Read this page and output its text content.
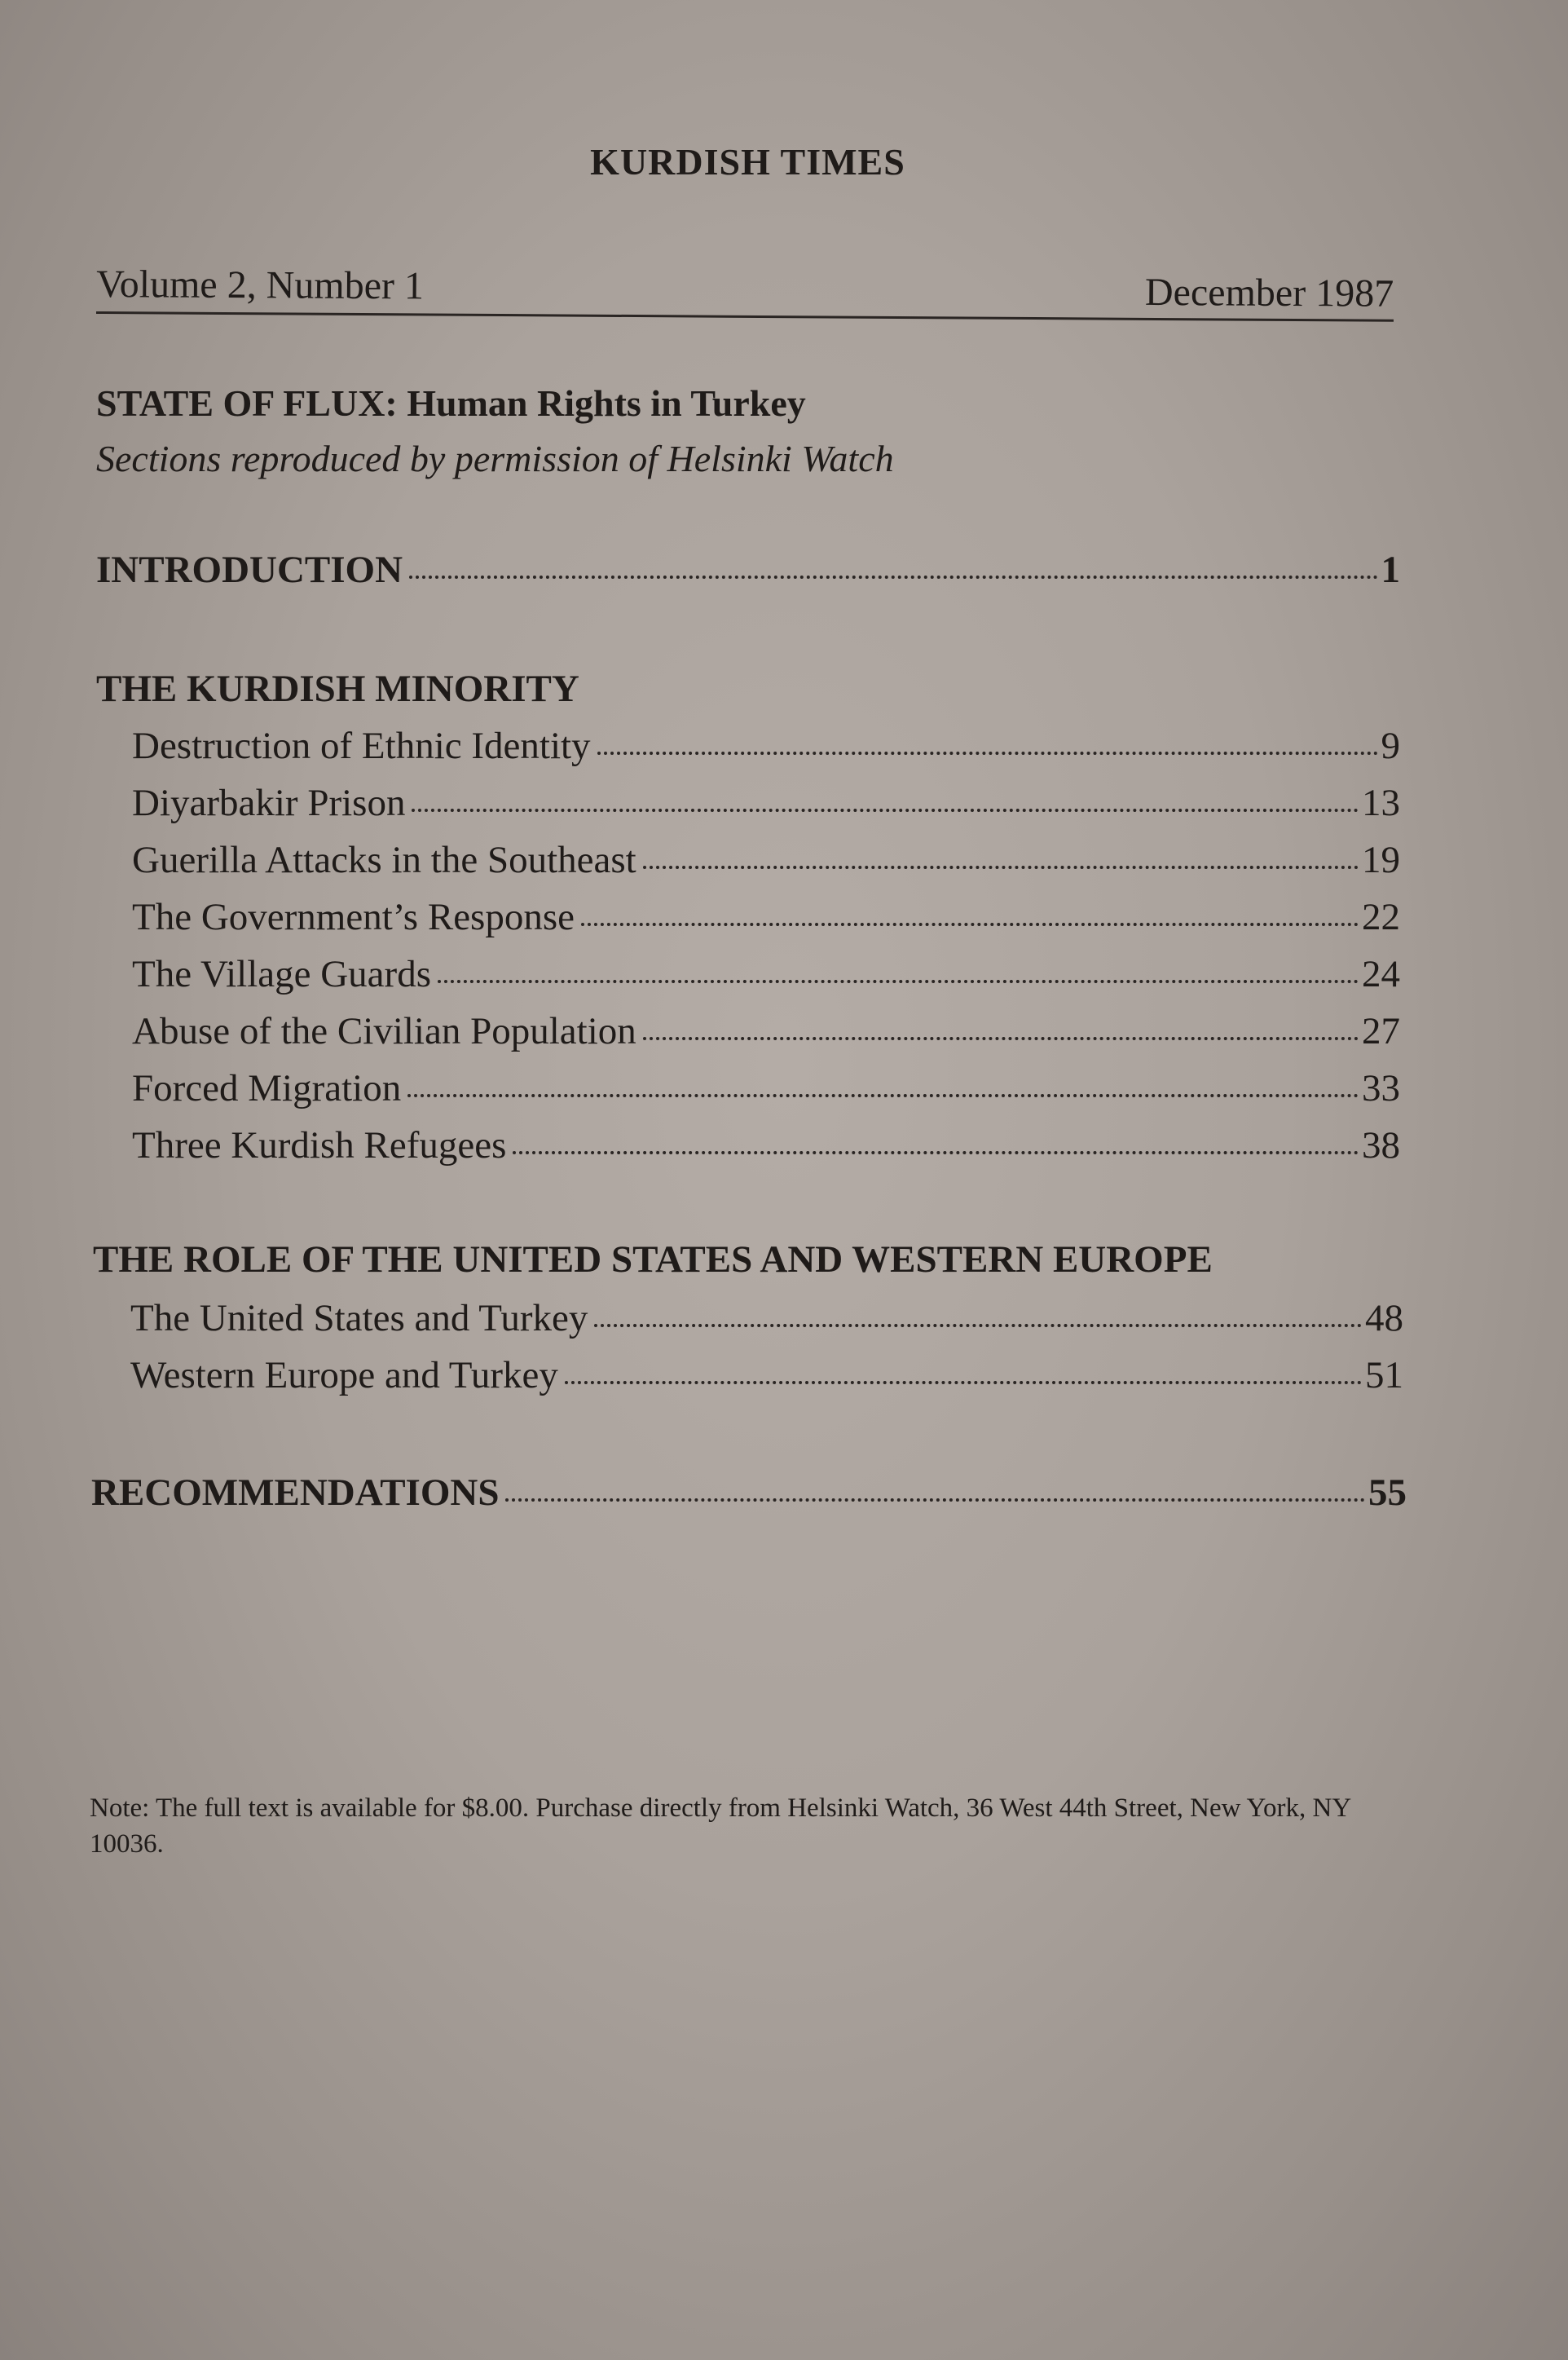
KURDISH TIMES
Volume 2, Number 1	December 1987
STATE OF FLUX: Human Rights in Turkey
Sections reproduced by permission of Helsinki Watch
INTRODUCTION	1
THE KURDISH MINORITY
Destruction of Ethnic Identity	9
Diyarbakir Prison	13
Guerilla Attacks in the Southeast	19
The Government’s Response	22
The Village Guards	24
Abuse of the Civilian Population	27
Forced Migration	33
Three Kurdish Refugees	38
THE ROLE OF THE UNITED STATES AND WESTERN EUROPE
The United States and Turkey	48
Western Europe and Turkey	51
RECOMMENDATIONS	55
Note: The full text is available for $8.00. Purchase directly from Helsinki Watch, 36 West 44th Street, New York, NY 10036.
